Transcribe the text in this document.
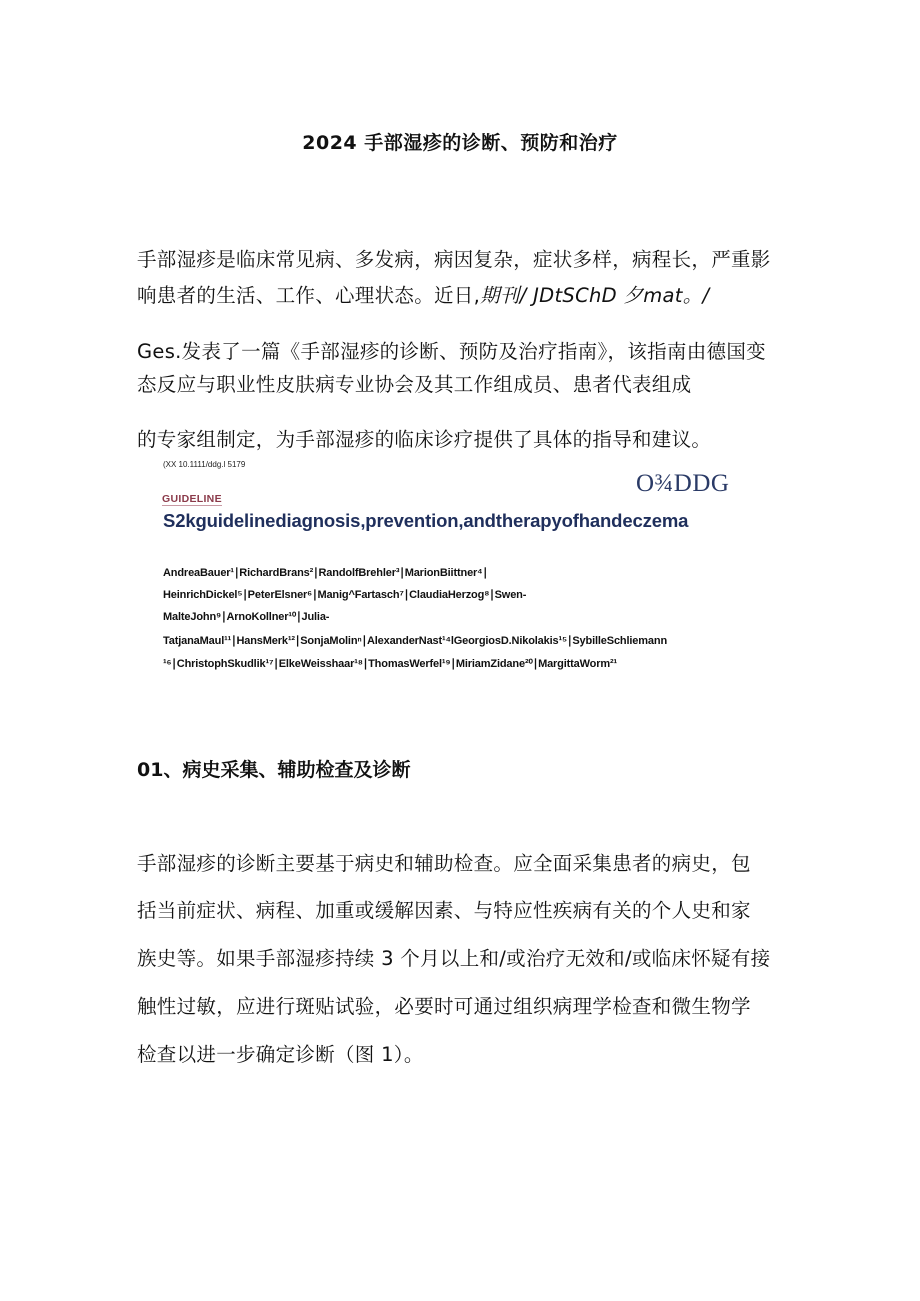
2024 手部湿疹的诊断、预防和治疗
手部湿疹是临床常见病、多发病，病因复杂，症状多样，病程长，严重影
响患者的生活、工作、心理状态。近日,期刊/ JDtSChD 夕mat。/
Ges.发表了一篇《手部湿疹的诊断、预防及治疗指南》，该指南由德国变
态反应与职业性皮肤病专业协会及其工作组成员、患者代表组成
的专家组制定，为手部湿疹的临床诊疗提供了具体的指导和建议。
(XX 10.1111/ddg.l 5179
GUIDELINE
O¾DDG
S2kguidelinediagnosis,prevention,andtherapyofhandeczema
AndreaBauer¹∣RichardBrans²∣RandolfBrehler³∣MarionBiittner⁴∣
HeinrichDickel⁵∣PeterElsner⁶∣Manig^Fartasch⁷∣ClaudiaHerzog⁸∣Swen-
MalteJohn⁹∣ArnoKollner¹⁰∣Julia-
TatjanaMaul¹¹∣HansMerk¹²∣SonjaMolinⁿ∣AlexanderNast¹⁴lGeorgiosD.Nikolakis¹⁵∣SybilleSchliemann
¹⁶∣ChristophSkudlik¹⁷∣ElkeWeisshaar¹⁸∣ThomasWerfel¹⁹∣MiriamZidane²⁰∣MargittaWorm²¹
01、病史采集、辅助检查及诊断
手部湿疹的诊断主要基于病史和辅助检查。应全面采集患者的病史，包
括当前症状、病程、加重或缓解因素、与特应性疾病有关的个人史和家
族史等。如果手部湿疹持续 3 个月以上和/或治疗无效和/或临床怀疑有接
触性过敏，应进行斑贴试验，必要时可通过组织病理学检查和微生物学
检查以进一步确定诊断（图 1）。
